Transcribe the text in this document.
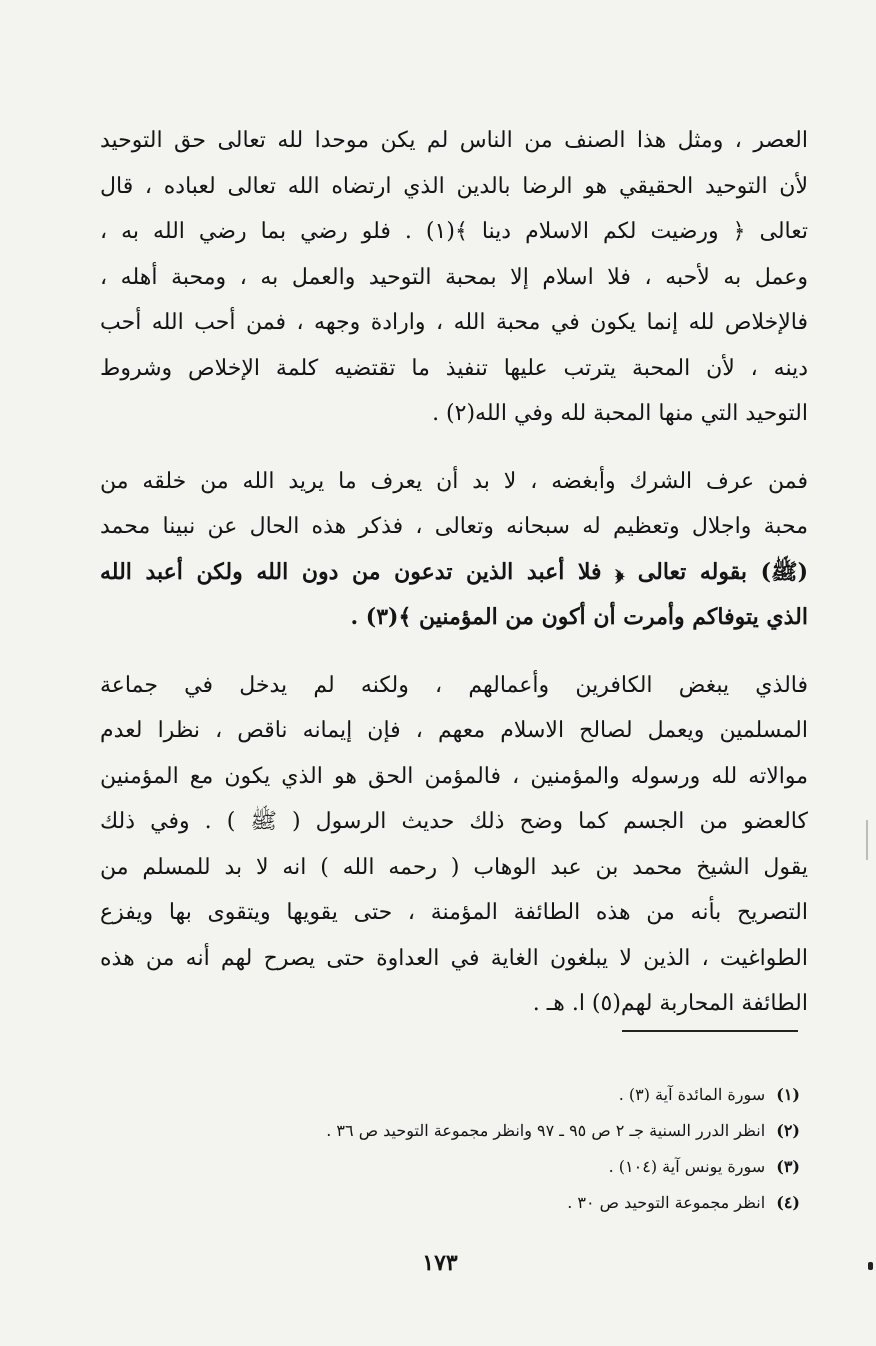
العصر ، ومثل هذا الصنف من الناس لم يكن موحدا لله تعالى حق التوحيد
لأن التوحيد الحقيقي هو الرضا بالدين الذي ارتضاه الله تعالى لعباده ، قال
تعالى ﴿ ورضيت لكم الاسلام دينا ﴾(١) . فلو رضي بما رضي الله به ،
وعمل به لأحبه ، فلا اسلام إلا بمحبة التوحيد والعمل به ، ومحبة أهله ،
فالإخلاص لله إنما يكون في محبة الله ، وارادة وجهه ، فمن أحب الله أحب
دينه ، لأن المحبة يترتب عليها تنفيذ ما تقتضيه كلمة الإخلاص وشروط
التوحيد التي منها المحبة لله وفي الله(٢) .
فمن عرف الشرك وأبغضه ، لا بد أن يعرف ما يريد الله من خلقه من
محبة واجلال وتعظيم له سبحانه وتعالى ، فذكر هذه الحال عن نبينا محمد
(ﷺ) بقوله تعالى ﴿ فلا أعبد الذين تدعون من دون الله ولكن أعبد الله
الذي يتوفاكم وأمرت أن أكون من المؤمنين ﴾(٣) .
فالذي يبغض الكافرين وأعمالهم ، ولكنه لم يدخل في جماعة
المسلمين ويعمل لصالح الاسلام معهم ، فإن إيمانه ناقص ، نظرا لعدم
موالاته لله ورسوله والمؤمنين ، فالمؤمن الحق هو الذي يكون مع المؤمنين
كالعضو من الجسم كما وضح ذلك حديث الرسول ( ﷺ ) . وفي ذلك
يقول الشيخ محمد بن عبد الوهاب ( رحمه الله ) انه لا بد للمسلم من
التصريح بأنه من هذه الطائفة المؤمنة ، حتى يقويها ويتقوى بها ويفزع
الطواغيت ، الذين لا يبلغون الغاية في العداوة حتى يصرح لهم أنه من هذه
الطائفة المحاربة لهم(٥) ا. هـ .
(١) سورة المائدة آية (٣) .
(٢) انظر الدرر السنية جـ ٢ ص ٩٥ ـ ٩٧ وانظر مجموعة التوحيد ص ٣٦ .
(٣) سورة يونس آية (١٠٤) .
(٤) انظر مجموعة التوحيد ص ٣٠ .
١٧٣
